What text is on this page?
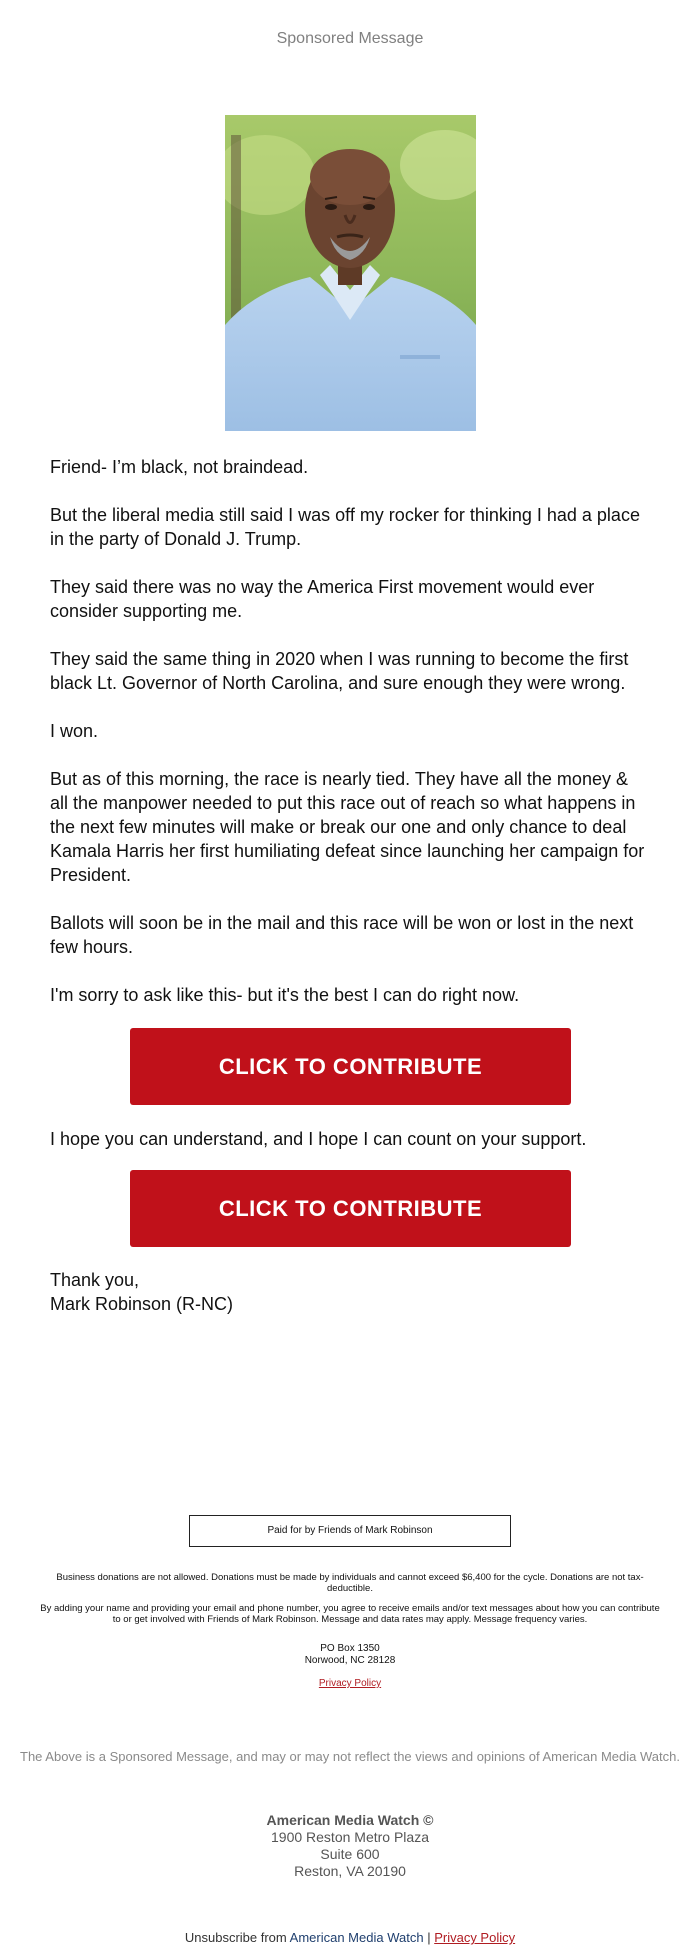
Sponsored Message

Friend- I’m black, not braindead.

But the liberal media still said I was off my rocker for thinking I had a place in the party of Donald J. Trump.

They said there was no way the America First movement would ever consider supporting me.

They said the same thing in 2020 when I was running to become the first black Lt. Governor of North Carolina, and sure enough they were wrong.

I won.

But as of this morning, the race is nearly tied. They have all the money & all the manpower needed to put this race out of reach so what happens in the next few minutes will make or break our one and only chance to deal Kamala Harris her first humiliating defeat since launching her campaign for President.

Ballots will soon be in the mail and this race will be won or lost in the next few hours.

I'm sorry to ask like this- but it's the best I can do right now.

CLICK TO CONTRIBUTE
I hope you can understand, and I hope I can count on your support.
CLICK TO CONTRIBUTE
Thank you,
Mark Robinson (R-NC)
Paid for by Friends of Mark Robinson
Business donations are not allowed. Donations must be made by individuals and cannot exceed $6,400 for the cycle. Donations are not tax-deductible.
By adding your name and providing your email and phone number, you agree to receive emails and/or text messages about how you can contribute to or get involved with Friends of Mark Robinson. Message and data rates may apply. Message frequency varies.
PO Box 1350
Norwood, NC 28128
Privacy Policy
The Above is a Sponsored Message, and may or may not reflect the views and opinions of American Media Watch.
American Media Watch ©
1900 Reston Metro Plaza
Suite 600
Reston, VA 20190
Unsubscribe from American Media Watch | Privacy Policy
